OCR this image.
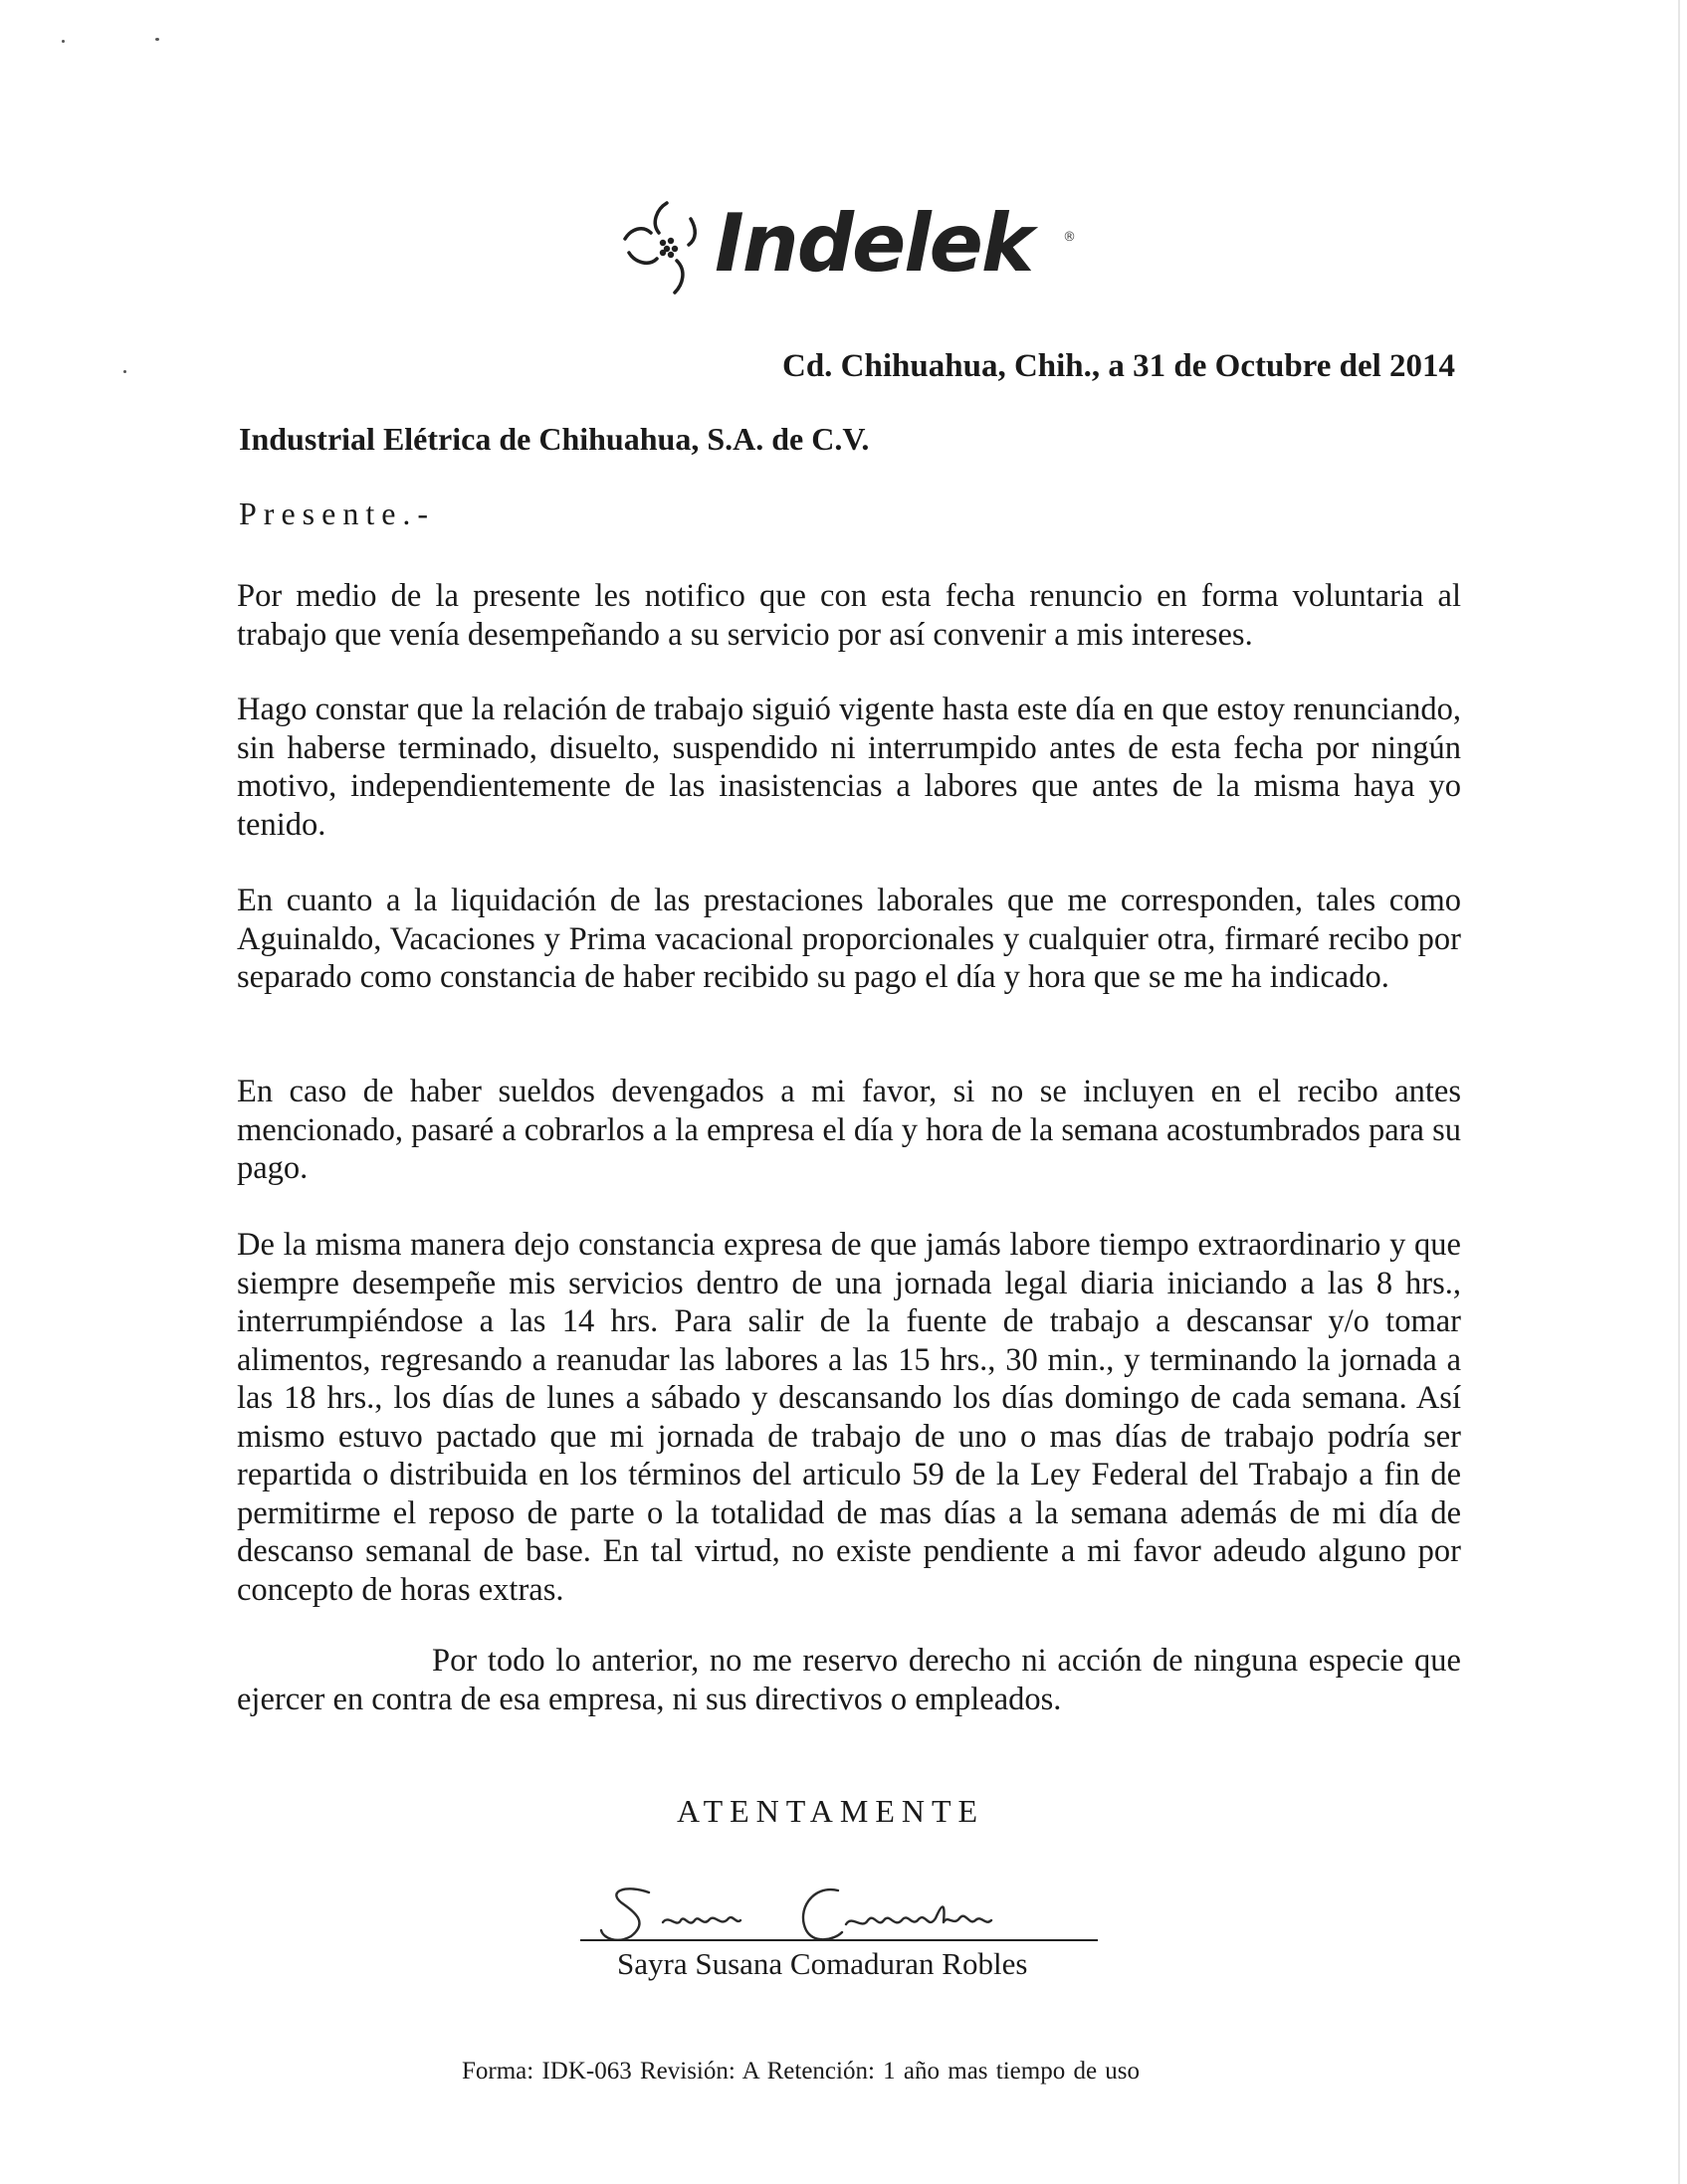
Indelek	®
Cd. Chihuahua, Chih., a 31 de Octubre del 2014
Industrial Elétrica de Chihuahua, S.A. de C.V.
Presente.-

Por medio de la presente les notifico que con esta fecha renuncio en forma voluntaria al trabajo que venía desempeñando a su servicio por así convenir a mis intereses.

Hago constar que la relación de trabajo siguió vigente hasta este día en que estoy renunciando, sin haberse terminado, disuelto, suspendido ni interrumpido antes de esta fecha por ningún motivo, independientemente de las inasistencias a labores que antes de la misma haya yo tenido.

En cuanto a la liquidación de las prestaciones laborales que me corresponden, tales como Aguinaldo, Vacaciones y Prima vacacional proporcionales y cualquier otra, firmaré recibo por separado como constancia de haber recibido su pago el día y hora que se me ha indicado.

En caso de haber sueldos devengados a mi favor, si no se incluyen en el recibo antes mencionado, pasaré a cobrarlos a la empresa el día y hora de la semana acostumbrados para su pago.

De la misma manera dejo constancia expresa de que jamás labore tiempo extraordinario y que siempre desempeñe mis servicios dentro de una jornada legal diaria iniciando a las 8 hrs., interrumpiéndose a las 14 hrs. Para salir de la fuente de trabajo a descansar y/o tomar alimentos, regresando a reanudar las labores a las 15 hrs., 30 min., y terminando la jornada a las 18 hrs., los días de lunes a sábado y descansando los días domingo de cada semana. Así mismo estuvo pactado que mi jornada de trabajo de uno o mas días de trabajo podría ser repartida o distribuida en los términos del articulo 59 de la Ley Federal del Trabajo a fin de permitirme el reposo de parte o la totalidad de mas días a la semana además de mi día de descanso semanal de base. En tal virtud, no existe pendiente a mi favor adeudo alguno por concepto de horas extras.

Por todo lo anterior, no me reservo derecho ni acción de ninguna especie que ejercer en contra de esa empresa, ni sus directivos o empleados.

ATENTAMENTE
Sayra Susana Comaduran Robles
Forma: IDK-063 Revisión: A Retención: 1 año mas tiempo de uso
